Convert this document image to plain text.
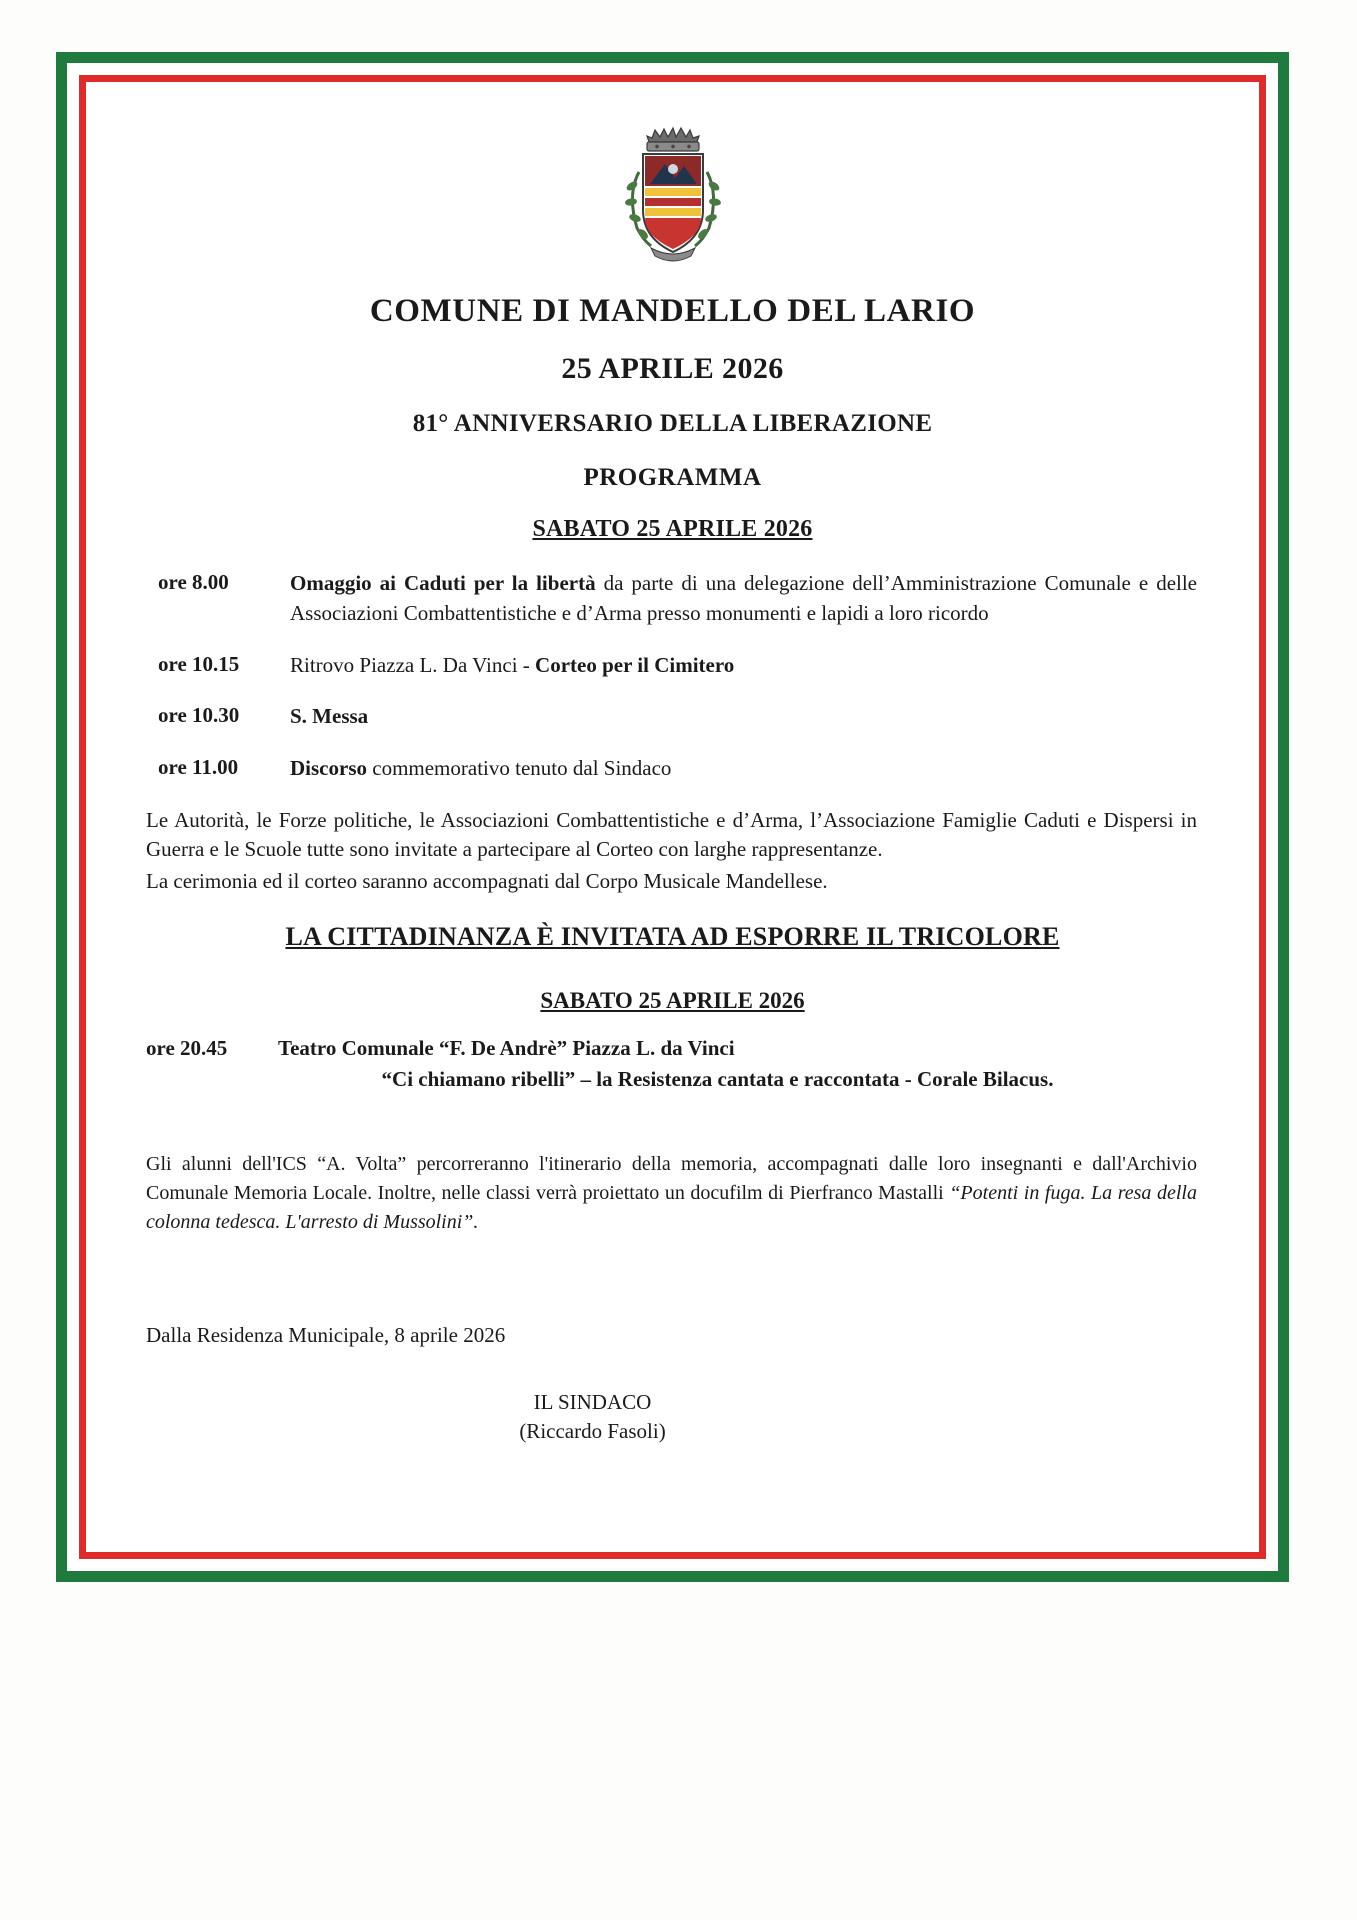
COMUNE DI MANDELLO DEL LARIO
25 APRILE 2026
81° ANNIVERSARIO DELLA LIBERAZIONE
PROGRAMMA
SABATO 25 APRILE 2026
ore 8.00	Omaggio ai Caduti per la libertà da parte di una delegazione dell’Amministrazione Comunale e delle Associazioni Combattentistiche e d’Arma presso monumenti e lapidi a loro ricordo
ore 10.15	Ritrovo Piazza L. Da Vinci - Corteo per il Cimitero
ore 10.30	S. Messa
ore 11.00	Discorso commemorativo tenuto dal Sindaco

Le Autorità, le Forze politiche, le Associazioni Combattentistiche e d’Arma, l’Associazione Famiglie Caduti e Dispersi in Guerra e le Scuole tutte sono invitate a partecipare al Corteo con larghe rappresentanze.

La cerimonia ed il corteo saranno accompagnati dal Corpo Musicale Mandellese.

LA CITTADINANZA È INVITATA AD ESPORRE IL TRICOLORE
SABATO 25 APRILE 2026
ore 20.45	Teatro Comunale “F. De Andrè” Piazza L. da Vinci
“Ci chiamano ribelli” – la Resistenza cantata e raccontata - Corale Bilacus.

Gli alunni dell'ICS “A. Volta” percorreranno l'itinerario della memoria, accompagnati dalle loro insegnanti e dall'Archivio Comunale Memoria Locale. Inoltre, nelle classi verrà proiettato un docufilm di Pierfranco Mastalli “Potenti in fuga. La resa della colonna tedesca. L'arresto di Mussolini”.

Dalla Residenza Municipale, 8 aprile 2026
IL SINDACO
(Riccardo Fasoli)
